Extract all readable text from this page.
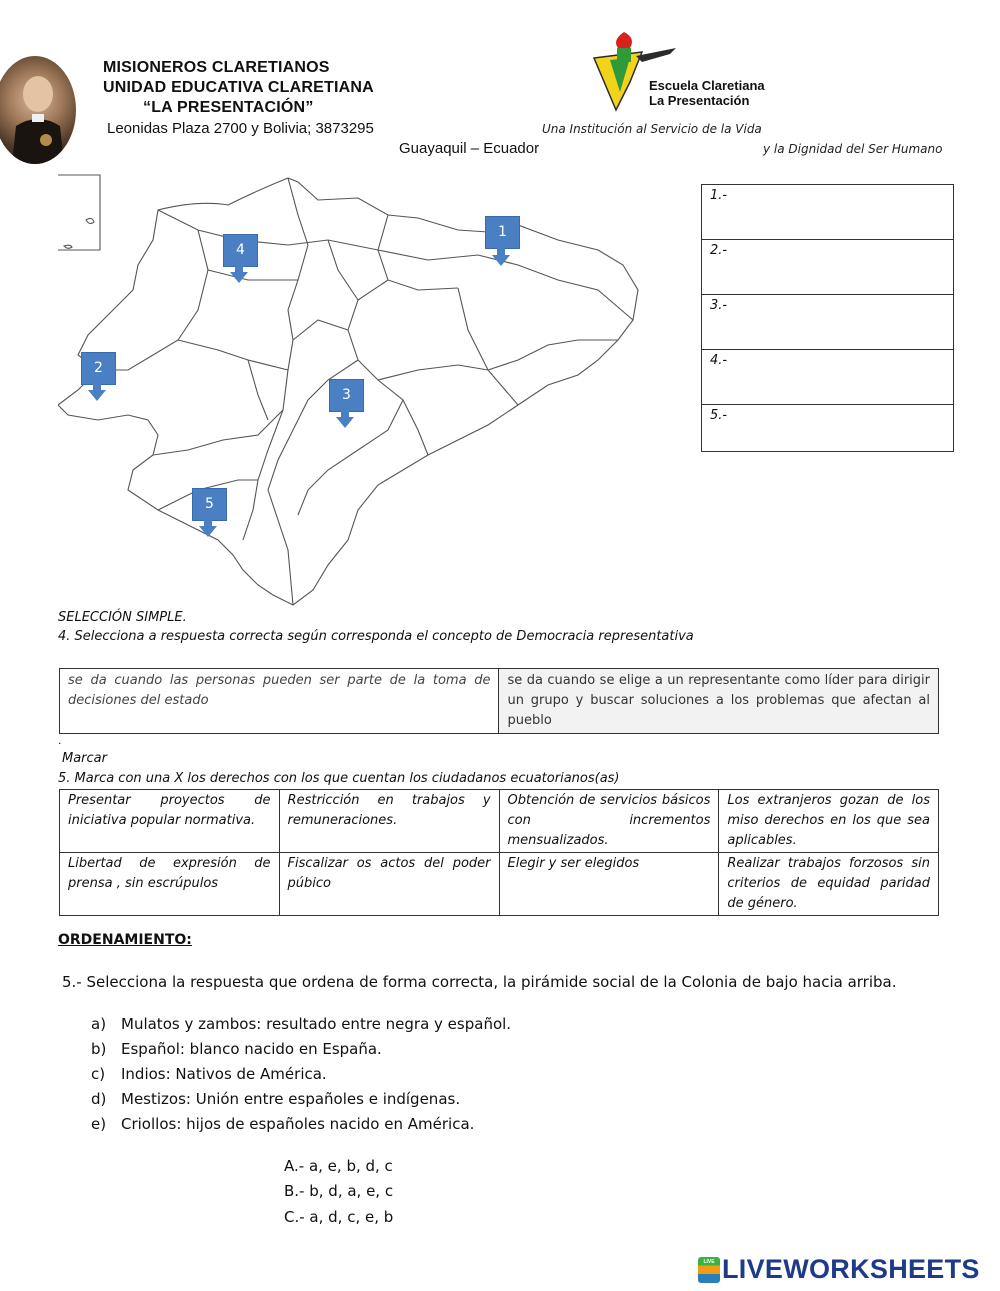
MISIONEROS CLARETIANOS
UNIDAD EDUCATIVA CLARETIANA
“LA PRESENTACIÓN”
Leonidas Plaza 2700 y Bolivia; 3873295
Guayaquil – Ecuador
Escuela Claretiana
La Presentación
Una Institución al Servicio de la Vida
y la Dignidad del Ser Humano
1
2
3
4
5
1.-
2.-
3.-
4.-
5.-
SELECCIÓN SIMPLE.
4. Selecciona a respuesta correcta según corresponda el concepto de Democracia representativa
se da cuando las personas pueden ser parte de la toma de decisiones del estado	se da cuando se elige a un representante como líder para dirigir un grupo y buscar soluciones a los problemas que afectan al pueblo
.
Marcar
5. Marca con una X los derechos con los que cuentan los ciudadanos ecuatorianos(as)
Presentar proyectos de iniciativa popular normativa.	Restricción en trabajos y remuneraciones.	Obtención de servicios básicos con incrementos mensualizados.	Los extranjeros gozan de los miso derechos en los que sea aplicables.
Libertad de expresión de prensa , sin escrúpulos	Fiscalizar os actos del poder púbico	Elegir y ser elegidos	Realizar trabajos forzosos sin criterios de equidad paridad de género.
ORDENAMIENTO:
5.- Selecciona la respuesta que ordena de forma correcta, la pirámide social de la Colonia de bajo hacia arriba.
a) Mulatos y zambos: resultado entre negra y español.
b) Español: blanco nacido en España.
c) Indios: Nativos de América.
d) Mestizos: Unión entre españoles e indígenas.
e) Criollos: hijos de españoles nacido en América.
A.- a, e, b, d, c
B.- b, d, a, e, c
C.- a, d, c, e, b
LIVE LIVEWORKSHEETS
